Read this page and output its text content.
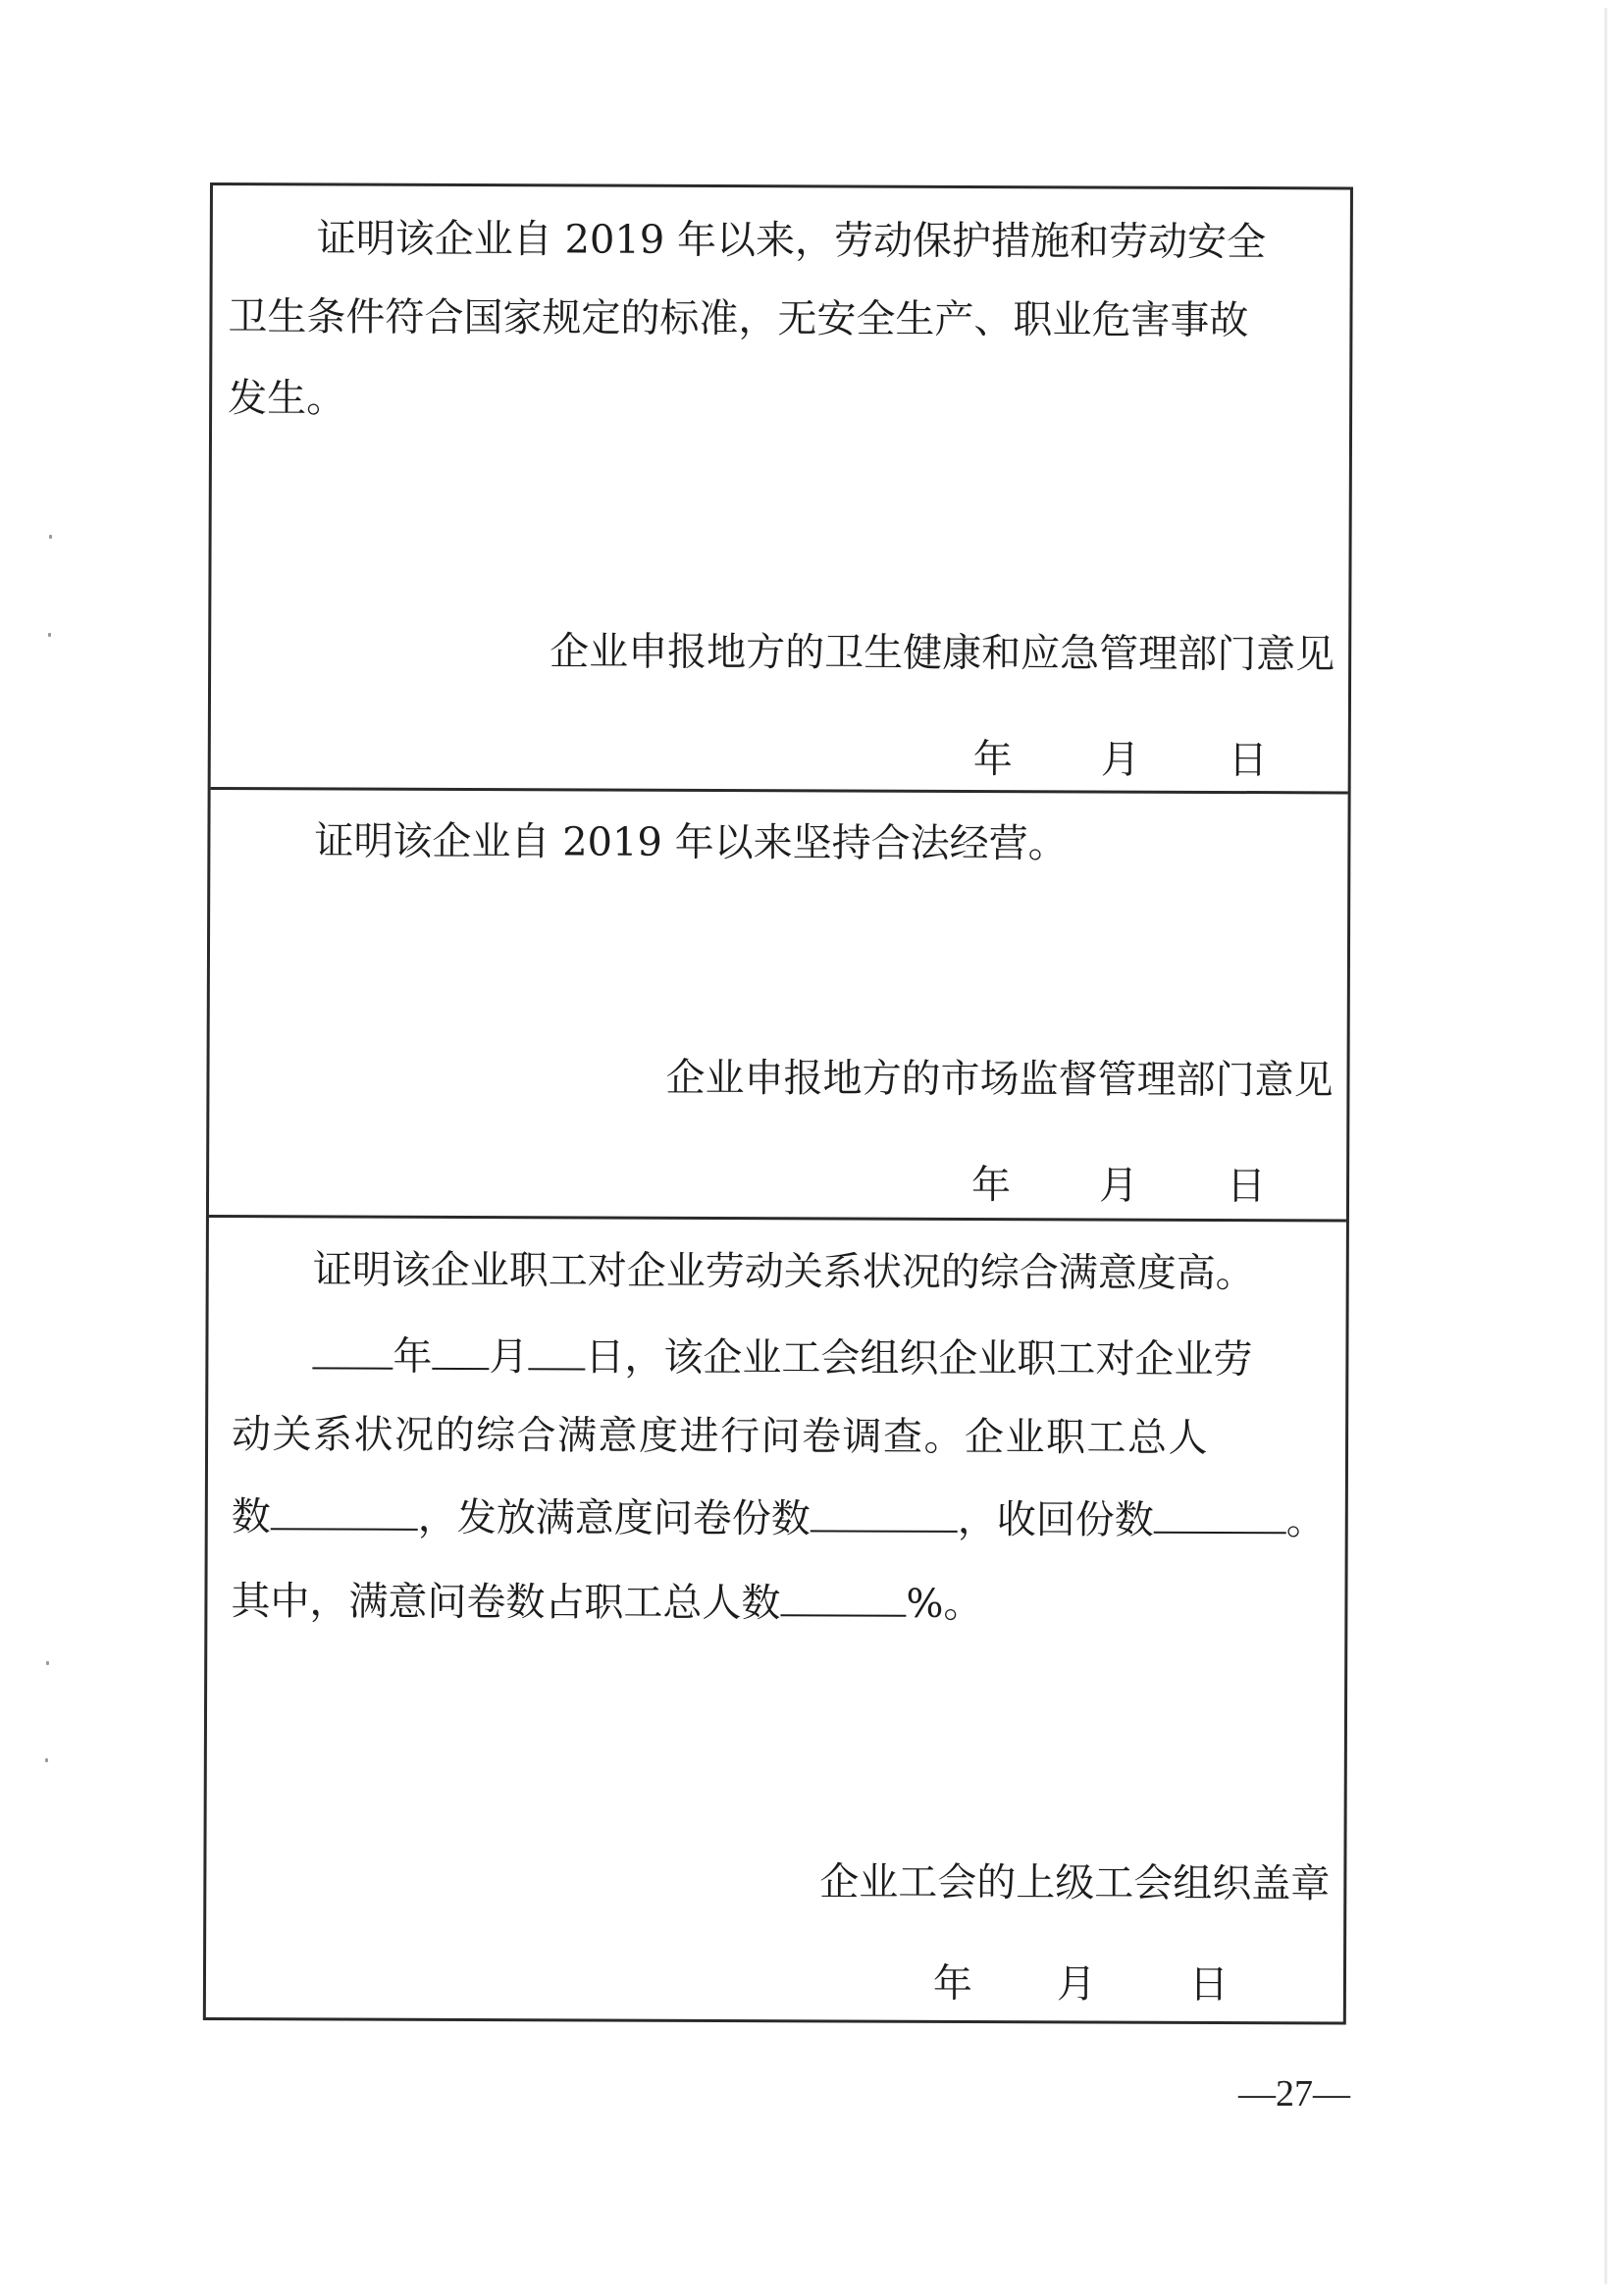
证明该企业自 2019 年以来，劳动保护措施和劳动安全
卫生条件符合国家规定的标准，无安全生产、职业危害事故
发生。
企业申报地方的卫生健康和应急管理部门意见
年 月 日
证明该企业自 2019 年以来坚持合法经营。
企业申报地方的市场监督管理部门意见
年 月 日
证明该企业职工对企业劳动关系状况的综合满意度高。
年 月 日，该企业工会组织企业职工对企业劳
动关系状况的综合满意度进行问卷调查。企业职工总人
数	，发放满意度问卷份数	，收回份数	。
其中，满意问卷数占职工总人数	%。
企业工会的上级工会组织盖章
年 月 日
—27—
